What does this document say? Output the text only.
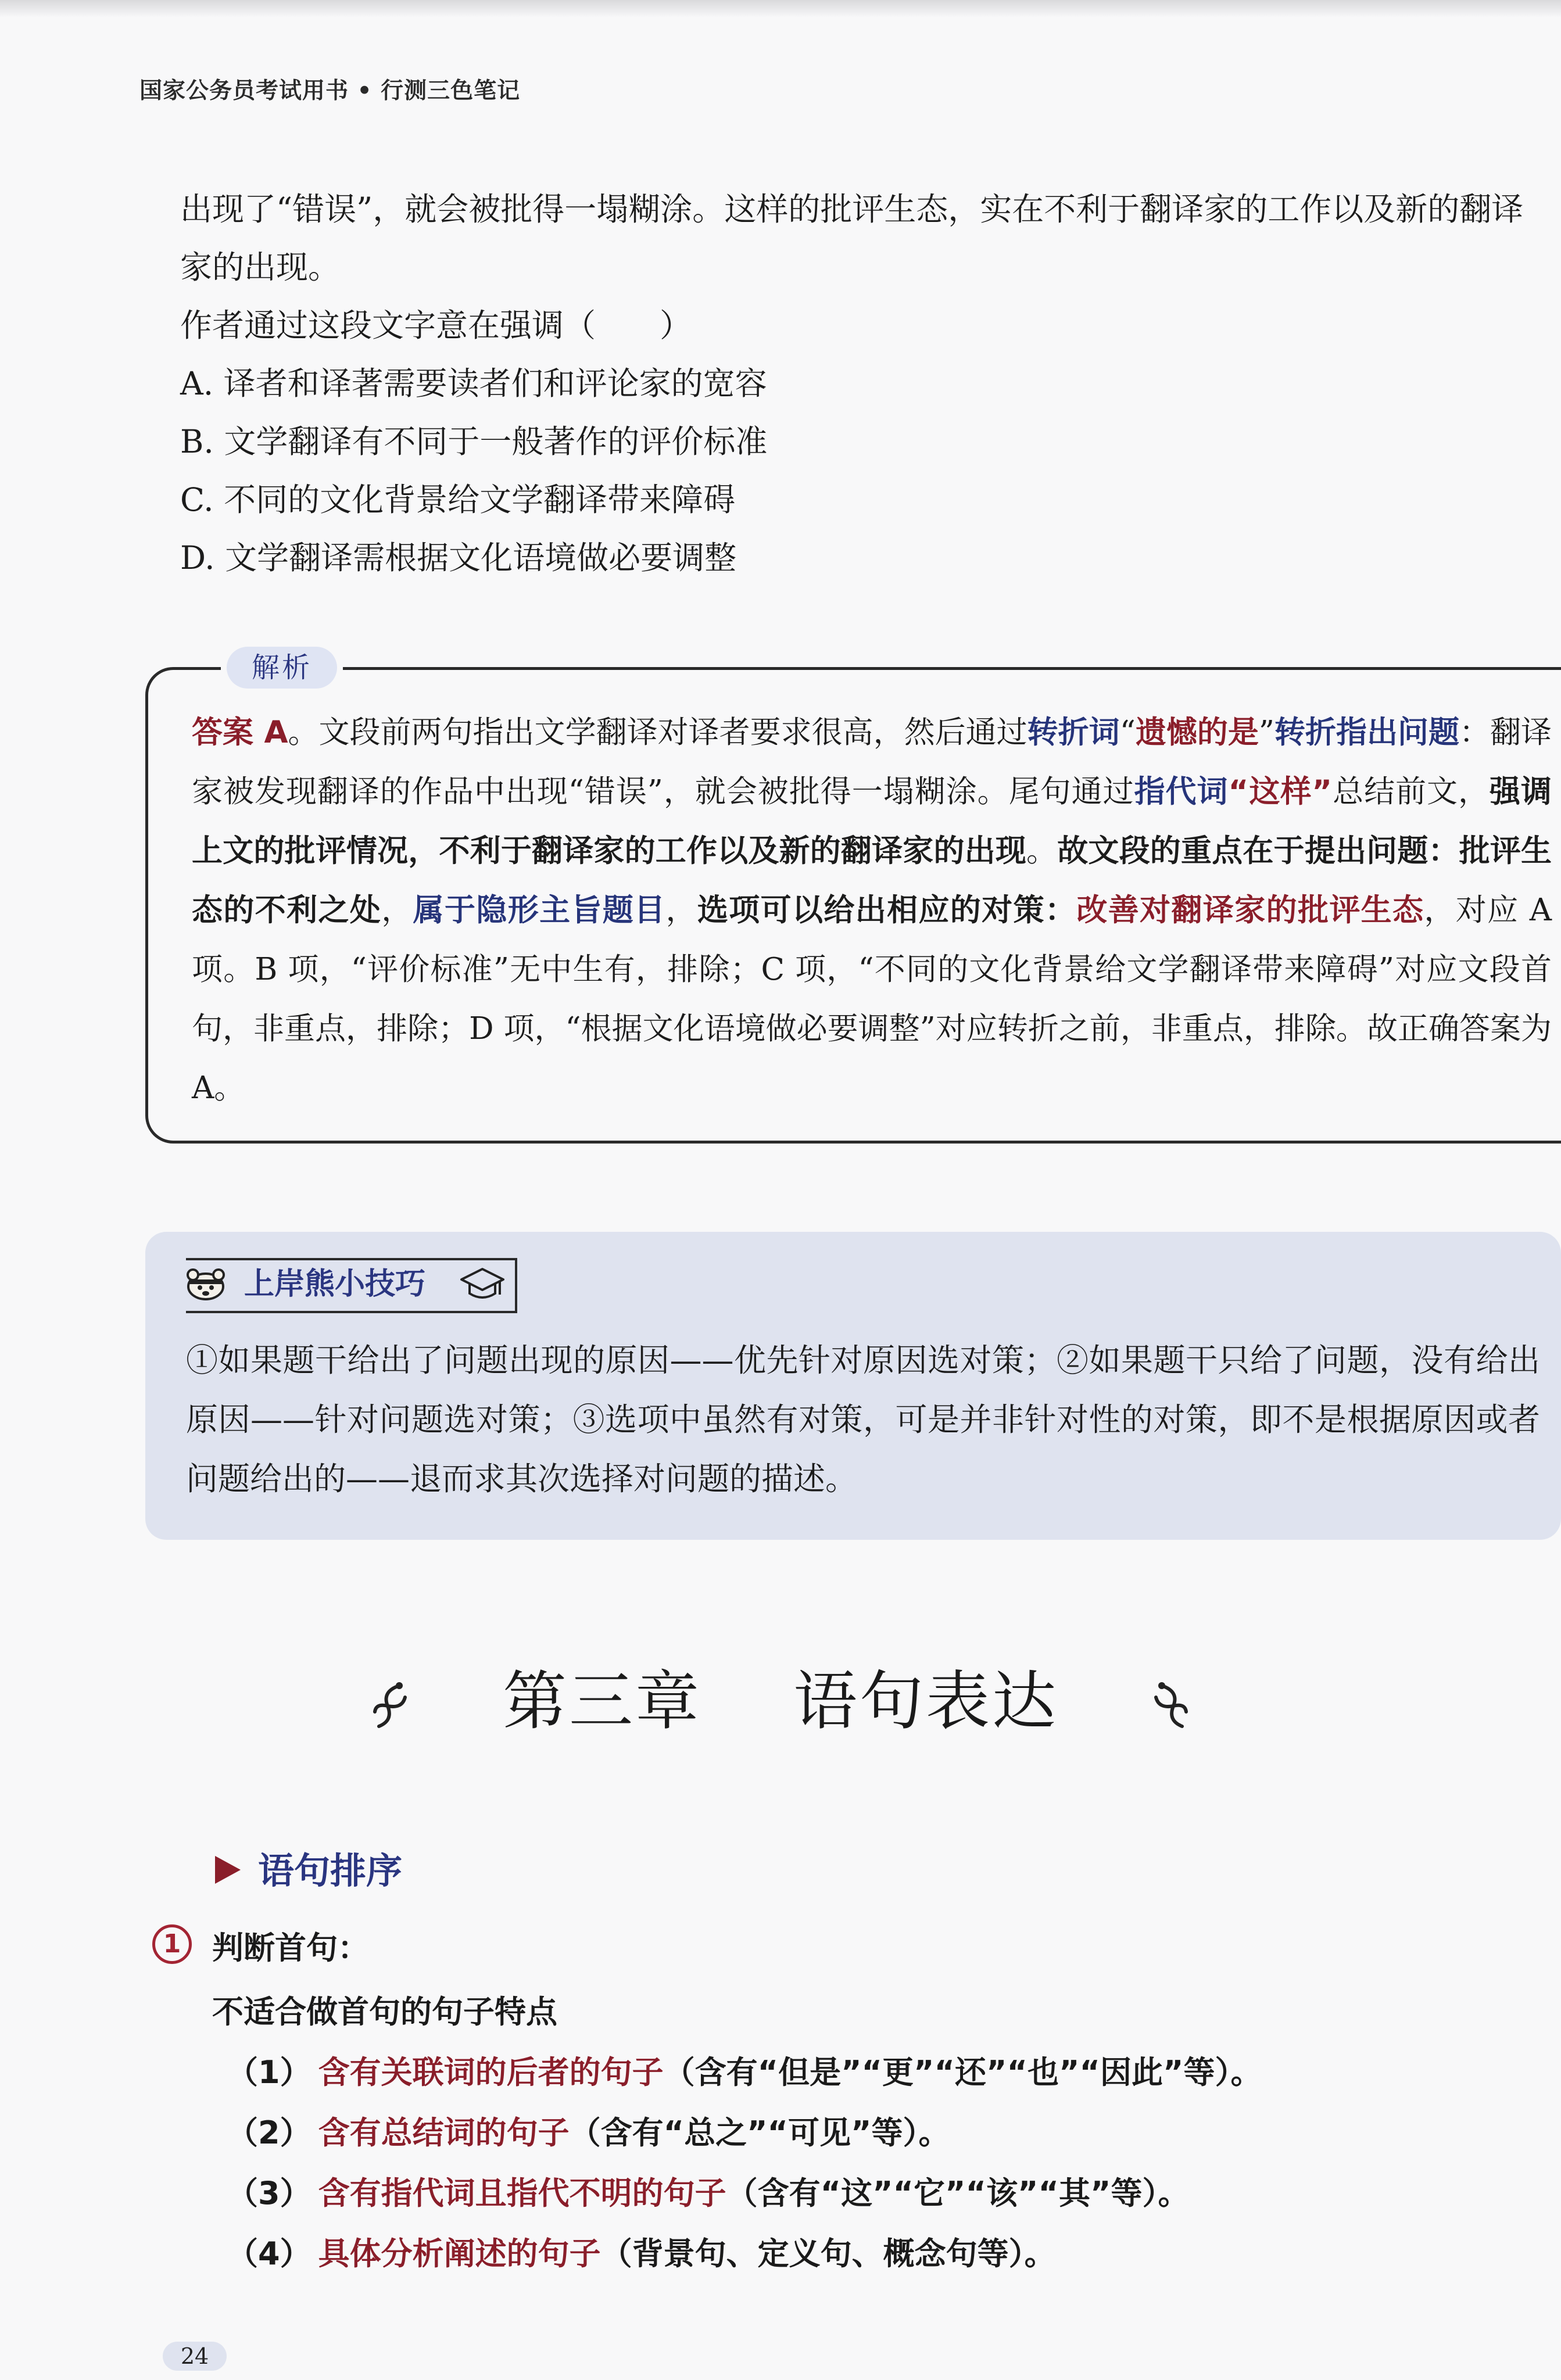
国家公务员考试用书 • 行测三色笔记

出现了“错误”，就会被批得一塌糊涂。这样的批评生态，实在不利于翻译家的工作以及新的翻译

家的出现。

作者通过这段文字意在强调（　　）

A. 译者和译著需要读者们和评论家的宽容

B. 文学翻译有不同于一般著作的评价标准

C. 不同的文化背景给文学翻译带来障碍

D. 文学翻译需根据文化语境做必要调整

解析

答案 A。文段前两句指出文学翻译对译者要求很高，然后通过转折词“遗憾的是”转折指出问题：翻译家被发现翻译的作品中出现“错误”，就会被批得一塌糊涂。尾句通过指代词“这样”总结前文，强调上文的批评情况，不利于翻译家的工作以及新的翻译家的出现。故文段的重点在于提出问题：批评生态的不利之处，属于隐形主旨题目，选项可以给出相应的对策：改善对翻译家的批评生态，对应 A 项。B 项，“评价标准”无中生有，排除；C 项，“不同的文化背景给文学翻译带来障碍”对应文段首句，非重点，排除；D 项，“根据文化语境做必要调整”对应转折之前，非重点，排除。故正确答案为 A。

上岸熊小技巧
①如果题干给出了问题出现的原因——优先针对原因选对策；②如果题干只给了问题，没有给出原因——针对问题选对策；③选项中虽然有对策，可是并非针对性的对策，即不是根据原因或者问题给出的——退而求其次选择对问题的描述。
第三章 语句表达
语句排序
1 判断首句：
不适合做首句的句子特点

（1） 含有关联词的后者的句子（含有“但是”“更”“还”“也”“因此”等）。

（2） 含有总结词的句子（含有“总之”“可见”等）。

（3） 含有指代词且指代不明的句子（含有“这”“它”“该”“其”等）。

（4） 具体分析阐述的句子（背景句、定义句、概念句等）。

24
